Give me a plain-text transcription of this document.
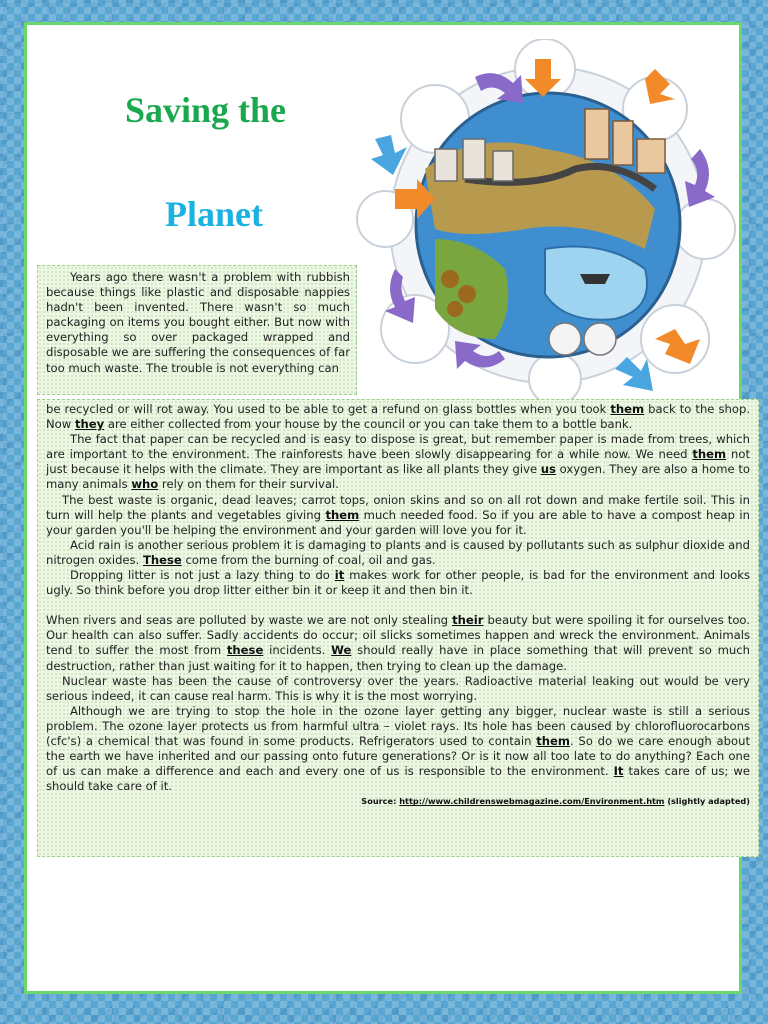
Saving the
Planet

Years ago there wasn't a problem with rubbish because things like plastic and disposable nappies hadn't been invented. There wasn't so much packaging on items you bought either. But now with everything so over packaged wrapped and disposable we are suffering the consequences of far too much waste. The trouble is not everything can

be recycled or will rot away. You used to be able to get a refund on glass bottles when you took them back to the shop. Now they are either collected from your house by the council or you can take them to a bottle bank.

The fact that paper can be recycled and is easy to dispose is great, but remember paper is made from trees, which are important to the environment. The rainforests have been slowly disappearing for a while now. We need them not just because it helps with the climate. They are important as like all plants they give us oxygen. They are also a home to many animals who rely on them for their survival.

The best waste is organic, dead leaves; carrot tops, onion skins and so on all rot down and make fertile soil. This in turn will help the plants and vegetables giving them much needed food. So if you are able to have a compost heap in your garden you'll be helping the environment and your garden will love you for it.

Acid rain is another serious problem it is damaging to plants and is caused by pollutants such as sulphur dioxide and nitrogen oxides. These come from the burning of coal, oil and gas.

Dropping litter is not just a lazy thing to do it makes work for other people, is bad for the environment and looks ugly. So think before you drop litter either bin it or keep it and then bin it.

When rivers and seas are polluted by waste we are not only stealing their beauty but were spoiling it for ourselves too. Our health can also suffer. Sadly accidents do occur; oil slicks sometimes happen and wreck the environment. Animals tend to suffer the most from these incidents. We should really have in place something that will prevent so much destruction, rather than just waiting for it to happen, then trying to clean up the damage.

Nuclear waste has been the cause of controversy over the years. Radioactive material leaking out would be very serious indeed, it can cause real harm. This is why it is the most worrying.

Although we are trying to stop the hole in the ozone layer getting any bigger, nuclear waste is still a serious problem. The ozone layer protects us from harmful ultra – violet rays. Its hole has been caused by chlorofluorocarbons (cfc's) a chemical that was found in some products. Refrigerators used to contain them. So do we care enough about the earth we have inherited and our passing onto future generations? Or is it now all too late to do anything? Each one of us can make a difference and each and every one of us is responsible to the environment. It takes care of us; we should take care of it.

Source: http://www.childrenswebmagazine.com/Environment.htm (slightly adapted)
